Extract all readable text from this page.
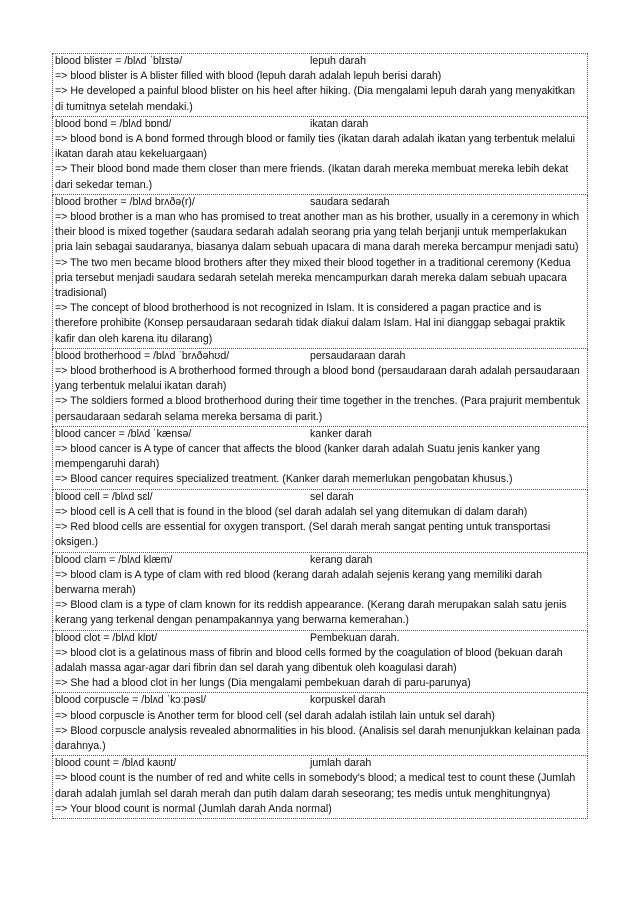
blood blister = /blʌd ˈblɪstə/	lepuh darah

=> blood blister is A blister filled with blood (lepuh darah adalah lepuh berisi darah)

=> He developed a painful blood blister on his heel after hiking. (Dia mengalami lepuh darah yang menyakitkan di tumitnya setelah mendaki.)

blood bond = /blʌd bɒnd/	ikatan darah

=> blood bond is A bond formed through blood or family ties (ikatan darah adalah ikatan yang terbentuk melalui ikatan darah atau kekeluargaan)

=> Their blood bond made them closer than mere friends. (Ikatan darah mereka membuat mereka lebih dekat dari sekedar teman.)

blood brother = /blʌd brʌðə(r)/	saudara sedarah

=> blood brother is a man who has promised to treat another man as his brother, usually in a ceremony in which their blood is mixed together (saudara sedarah adalah seorang pria yang telah berjanji untuk memperlakukan pria lain sebagai saudaranya, biasanya dalam sebuah upacara di mana darah mereka bercampur menjadi satu)

=> The two men became blood brothers after they mixed their blood together in a traditional ceremony (Kedua pria tersebut menjadi saudara sedarah setelah mereka mencampurkan darah mereka dalam sebuah upacara tradisional)

=> The concept of blood brotherhood is not recognized in Islam. It is considered a pagan practice and is therefore prohibite (Konsep persaudaraan sedarah tidak diakui dalam Islam. Hal ini dianggap sebagai praktik kafir dan oleh karena itu dilarang)

blood brotherhood = /blʌd ˈbrʌðəhʊd/	persaudaraan darah

=> blood brotherhood is A brotherhood formed through a blood bond (persaudaraan darah adalah persaudaraan yang terbentuk melalui ikatan darah)

=> The soldiers formed a blood brotherhood during their time together in the trenches. (Para prajurit membentuk persaudaraan sedarah selama mereka bersama di parit.)

blood cancer = /blʌd ˈkænsə/	kanker darah

=> blood cancer is A type of cancer that affects the blood (kanker darah adalah Suatu jenis kanker yang mempengaruhi darah)

=> Blood cancer requires specialized treatment. (Kanker darah memerlukan pengobatan khusus.)

blood cell = /blʌd sɛl/	sel darah

=> blood cell is A cell that is found in the blood (sel darah adalah sel yang ditemukan di dalam darah)

=> Red blood cells are essential for oxygen transport. (Sel darah merah sangat penting untuk transportasi oksigen.)

blood clam = /blʌd klæm/	kerang darah

=> blood clam is A type of clam with red blood (kerang darah adalah sejenis kerang yang memiliki darah berwarna merah)

=> Blood clam is a type of clam known for its reddish appearance. (Kerang darah merupakan salah satu jenis kerang yang terkenal dengan penampakannya yang berwarna kemerahan.)

blood clot = /blʌd klɒt/	Pembekuan darah.

=> blood clot is a gelatinous mass of fibrin and blood cells formed by the coagulation of blood (bekuan darah adalah massa agar-agar dari fibrin dan sel darah yang dibentuk oleh koagulasi darah)

=> She had a blood clot in her lungs (Dia mengalami pembekuan darah di paru-parunya)

blood corpuscle = /blʌd ˈkɔːpəsl/	korpuskel darah

=> blood corpuscle is Another term for blood cell (sel darah adalah istilah lain untuk sel darah)

=> Blood corpuscle analysis revealed abnormalities in his blood. (Analisis sel darah menunjukkan kelainan pada darahnya.)

blood count = /blʌd kaʊnt/	jumlah darah

=> blood count is the number of red and white cells in somebody's blood; a medical test to count these (Jumlah darah adalah jumlah sel darah merah dan putih dalam darah seseorang; tes medis untuk menghitungnya)

=> Your blood count is normal (Jumlah darah Anda normal)
